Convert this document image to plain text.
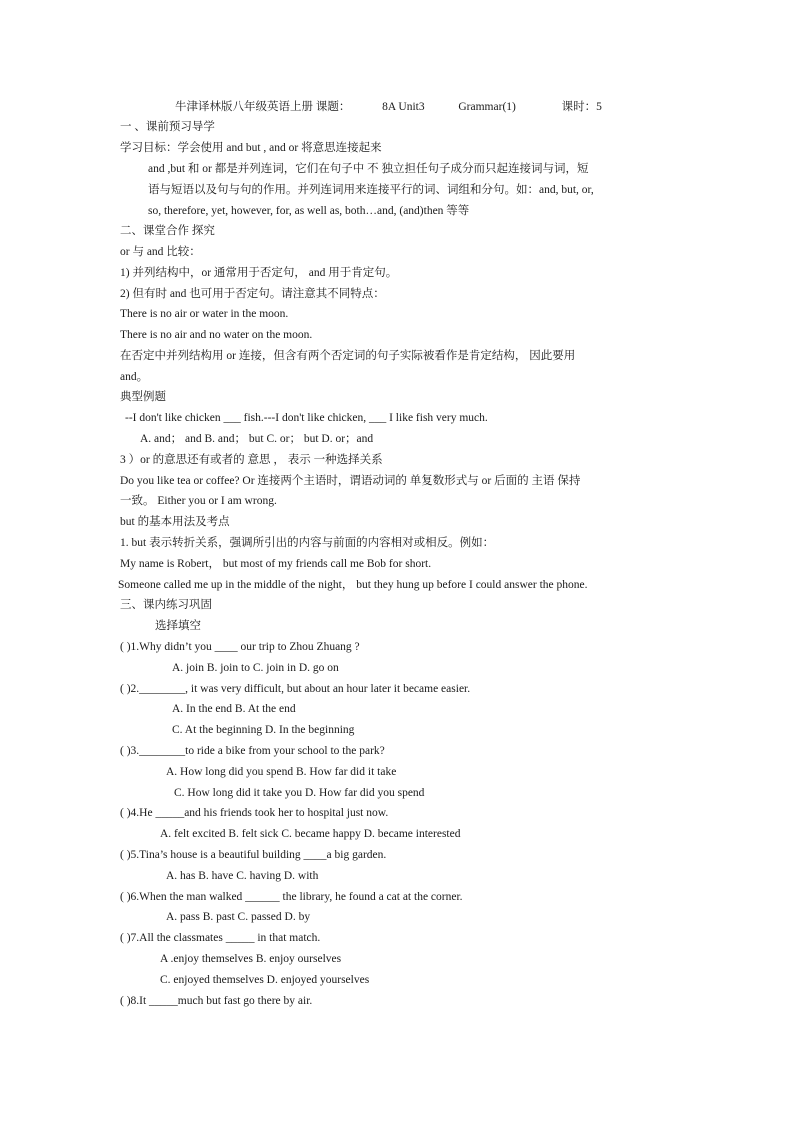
牛津译林版八年级英语上册 课题：	8A Unit3	Grammar(1)	课时：5
一 、课前预习导学
学习目标：学会使用 and but , and or 将意思连接起来
and ,but 和 or 都是并列连词，它们在句子中 不 独立担任句子成分而只起连接词与词，短
语与短语以及句与句的作用。并列连词用来连接平行的词、词组和分句。如：and, but, or,
so, therefore, yet, however, for, as well as, both…and, (and)then 等等
二、课堂合作 探究
or 与 and 比较：
1) 并列结构中，or 通常用于否定句， and 用于肯定句。
2) 但有时 and 也可用于否定句。请注意其不同特点：
There is no air or water in the moon.
There is no air and no water on the moon.
在否定中并列结构用 or 连接，但含有两个否定词的句子实际被看作是肯定结构， 因此要用
and。
典型例题
--I don't like chicken ___ fish.---I don't like chicken, ___ I like fish very much.
A. and； and B. and； but C. or； but D. or；and
3 ）or 的意思还有或者的 意思 ， 表示 一种选择关系
Do you like tea or coffee? Or 连接两个主语时，谓语动词的 单复数形式与 or 后面的 主语 保持
一致。 Either you or I am wrong.
but 的基本用法及考点
1. but 表示转折关系，强调所引出的内容与前面的内容相对或相反。例如：
My name is Robert， but most of my friends call me Bob for short.
Someone called me up in the middle of the night， but they hung up before I could answer the phone.
三、课内练习巩固
选择填空
( )1.Why didn’t you ____ our trip to Zhou Zhuang ?
A. join B. join to C. join in D. go on
( )2.________, it was very difficult, but about an hour later it became easier.
A. In the end B. At the end
C. At the beginning D. In the beginning
( )3.________to ride a bike from your school to the park?
A. How long did you spend B. How far did it take
C. How long did it take you D. How far did you spend
( )4.He _____and his friends took her to hospital just now.
A. felt excited B. felt sick C. became happy D. became interested
( )5.Tina’s house is a beautiful building ____a big garden.
A. has B. have C. having D. with
( )6.When the man walked ______ the library, he found a cat at the corner.
A. pass B. past C. passed D. by
( )7.All the classmates _____ in that match.
A .enjoy themselves B. enjoy ourselves
C. enjoyed themselves D. enjoyed yourselves
( )8.It _____much but fast go there by air.
